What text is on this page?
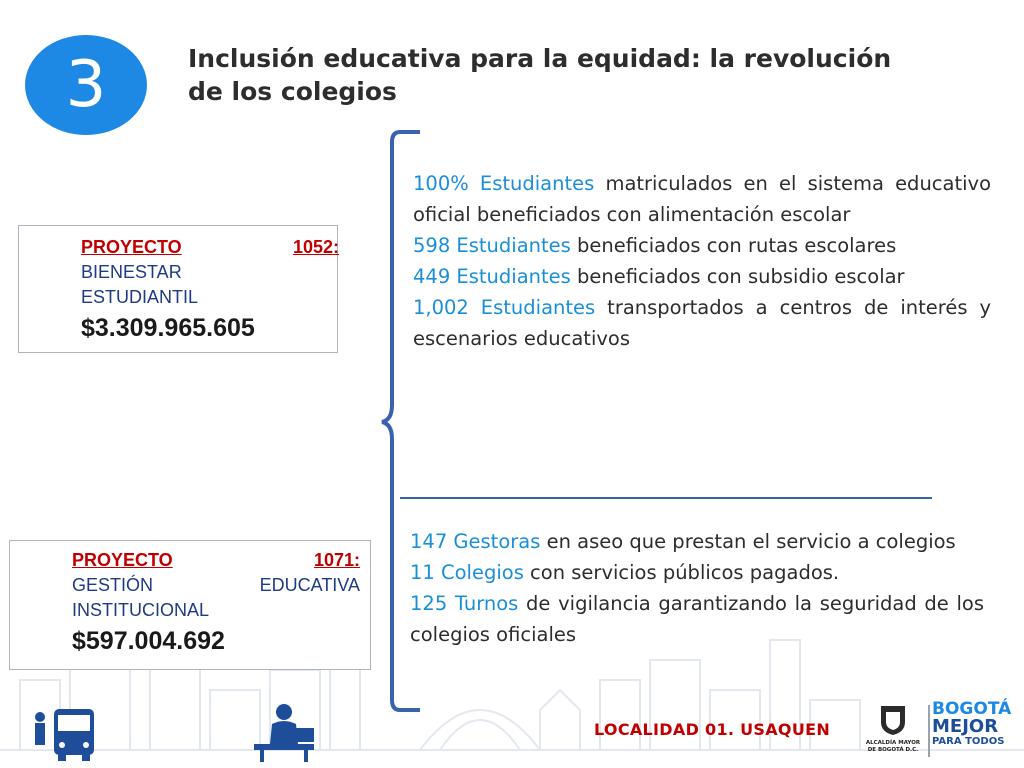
3	Inclusión educativa para la equidad: la revolución de los colegios
PROYECTO	1052:
BIENESTAR
ESTUDIANTIL
$3.309.965.605
PROYECTO	1071:
GESTIÓN	EDUCATIVA
INSTITUCIONAL
$597.004.692

100% Estudiantes matriculados en el sistema educativo oficial beneficiados con alimentación escolar

598 Estudiantes beneficiados con rutas escolares

449 Estudiantes beneficiados con subsidio escolar

1,002 Estudiantes transportados a centros de interés y escenarios educativos

147 Gestoras en aseo que prestan el servicio a colegios

11 Colegios con servicios públicos pagados.

125 Turnos de vigilancia garantizando la seguridad de los colegios oficiales

LOCALIDAD 01. USAQUEN
ALCALDÍA MAYOR DE BOGOTÁ D.C.
BOGOTÁ
MEJOR
PARA TODOS
